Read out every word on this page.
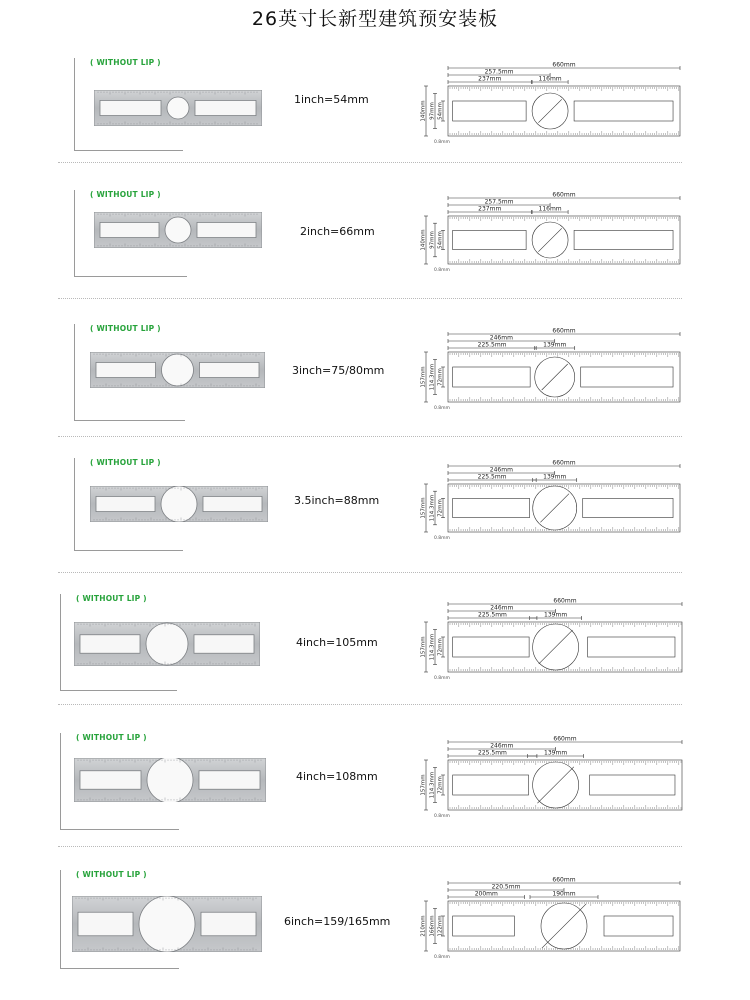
26英寸长新型建筑预安装板
( WITHOUT LIP )
1inch=54mm
660mm
257.5mm
237mm	116mm
140mm 97mm 54mm
0.8mm
( WITHOUT LIP )
2inch=66mm
660mm
257.5mm
237mm	116mm
140mm 97mm 54mm
0.8mm
( WITHOUT LIP )
3inch=75/80mm
660mm
246mm
225.5mm	139mm
157mm 114.3mm 72mm
0.8mm
( WITHOUT LIP )
3.5inch=88mm
660mm
246mm
225.5mm	139mm
157mm 114.3mm 72mm
0.8mm
( WITHOUT LIP )
4inch=105mm
660mm
246mm
225.5mm	139mm
157mm 114.3mm 72mm
0.8mm
( WITHOUT LIP )
4inch=108mm
660mm
246mm
225.5mm	139mm
157mm 114.3mm 72mm
0.8mm
( WITHOUT LIP )
6inch=159/165mm
660mm
220.5mm
200mm	190mm
210mm 166mm 122mm
0.8mm
